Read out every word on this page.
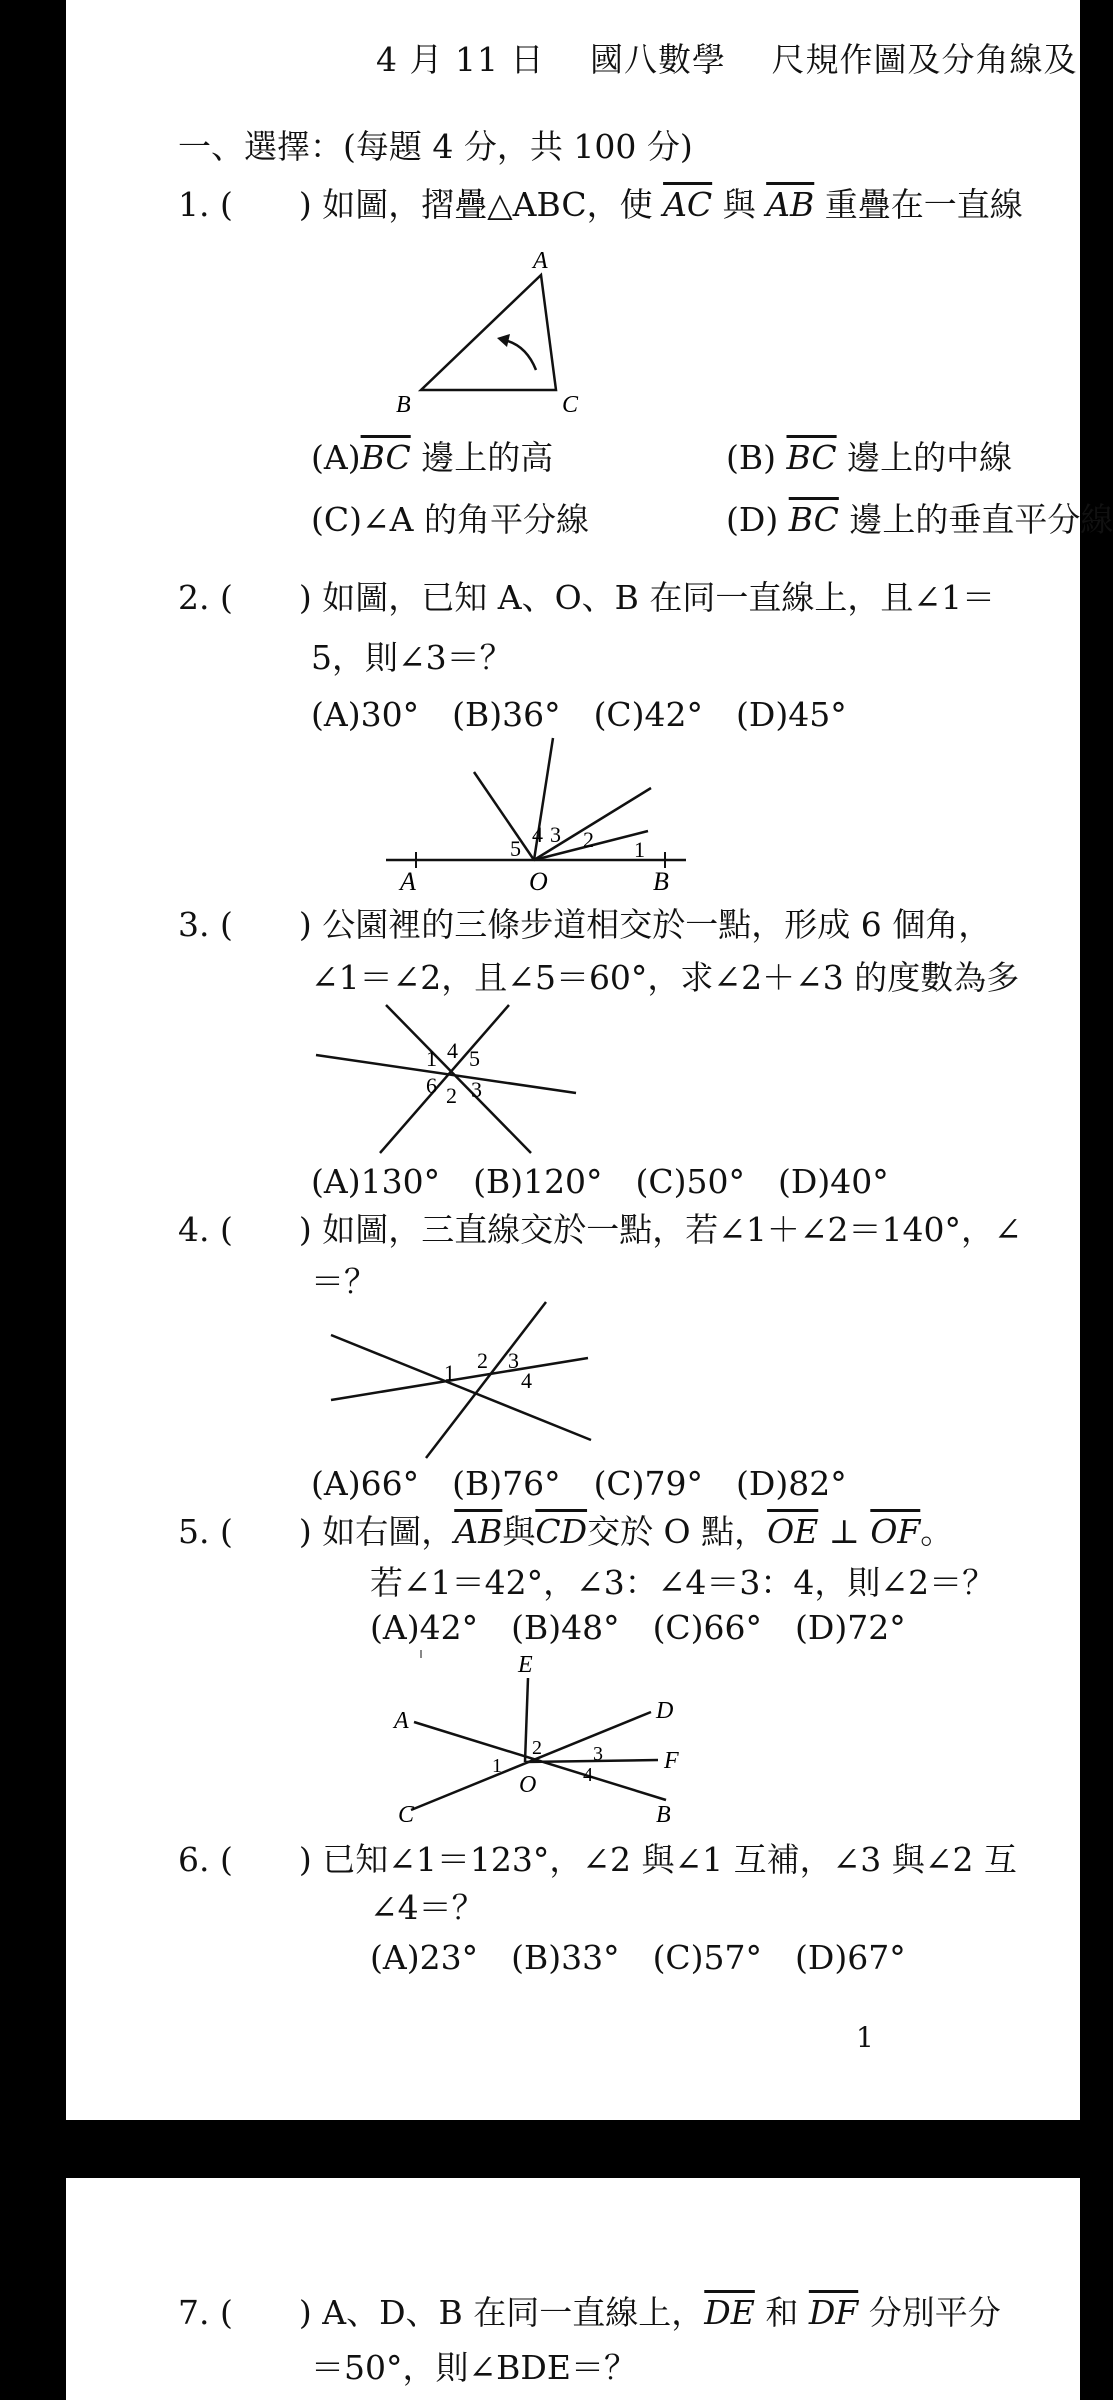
4 月 11 日　 國八數學　 尺規作圖及分角線及
一、選擇：(每題 4 分，共 100 分)
1. (　　) 如圖，摺疊△ABC，使 $\overline{AC}$ 與 $\overline{AB}$ 重疊在一直線
A
B	C
$(A)\overline{BC}$ 邊上的高	(B) $\overline{BC}$ 邊上的中線
(C)∠A 的角平分線	(D) $\overline{BC}$ 邊上的垂直平分線
2. (　　) 如圖，已知 A、O、B 在同一直線上，且∠1＝
5，則∠3＝？
(A)30°　(B)36°　(C)42°　(D)45°
5
4 3 2 1
A	O	B
3. (　　) 公園裡的三條步道相交於一點，形成 6 個角，
∠1＝∠2，且∠5＝60°，求∠2＋∠3 的度數為多
1 4 5
6 2 3
(A)130°　(B)120°　(C)50°　(D)40°
4. (　　) 如圖，三直線交於一點，若∠1＋∠2＝140°，∠
＝？
1 2 3
4
(A)66°　(B)76°　(C)79°　(D)82°
5. (　　) 如右圖，$\overline{AB}$與$\overline{CD}$交於 O 點，$\overline{OE}$ ⊥ $\overline{OF}$。
若∠1＝42°，∠3：∠4＝3：4，則∠2＝？
(A)42°　(B)48°　(C)66°　(D)72°
E
A	D
F
C	B
O
1
2	3
4
6. (　　) 已知∠1＝123°，∠2 與∠1 互補，∠3 與∠2 互
∠4＝？
(A)23°　(B)33°　(C)57°　(D)67°
1
7. (　　) A、D、B 在同一直線上，$\overline{DE}$ 和 $\overline{DF}$ 分別平分
＝50°，則∠BDE＝？
